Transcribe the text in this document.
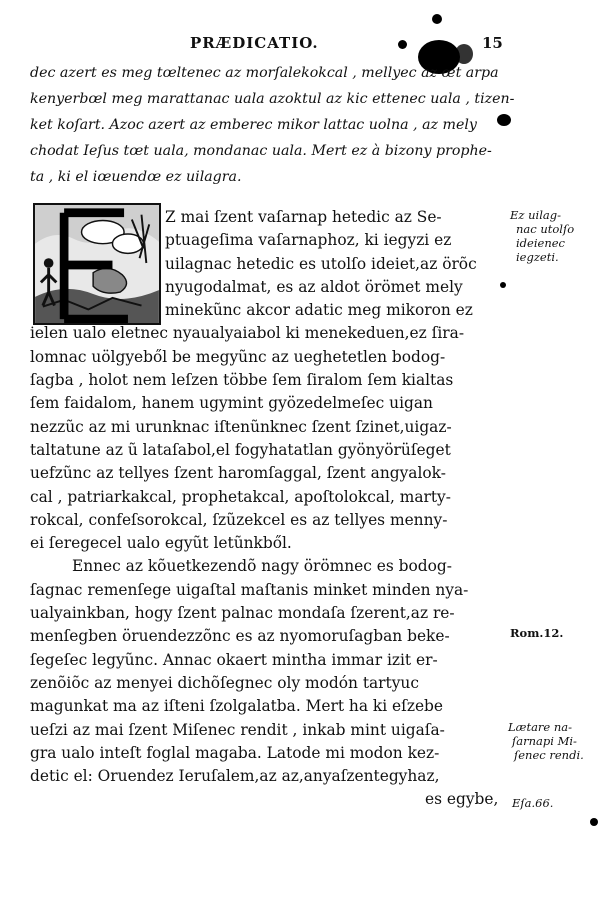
PRÆDICATIO.	15
dec azert es meg tœltenec az morſalekokcal , mellyec az œt arpa
kenyerbœl meg marattanac uala azoktul az kic ettenec uala , tizen-
ket koſart. Azoc azert az emberec mikor lattac uolna , az mely
chodat Ieſus tœt uala, mondanac uala. Mert ez à bizony prophe-
ta , ki el iœuendœ ez uilagra.
Z mai ſzent vaſarnap hetedic az Se-
ptuageſima vaſarnaphoz, ki iegyzi ez
uilagnac hetedic es utolſo ideiet,az örõc
nyugodalmat, es az aldot örömet mely
minekũnc akcor adatic meg mikoron ez
ielen ualo eletnec nyaualyaiabol ki menekeduen,ez ſira-
lomnac uölgyeből be megyũnc az ueghetetlen bodog-
ſagba , holot nem leſzen többe ſem ſiralom ſem kialtas
ſem faidalom, hanem ugymint gyözedelmeſec uigan
nezzũc az mi urunknac iſtenũnknec ſzent ſzinet,uigaz-
taltatune az ũ lataſabol,el fogyhatatlan gyönyörüſeget
uefzũnc az tellyes ſzent haromſaggal, ſzent angyalok-
cal , patriarkakcal, prophetakcal, apoſtolokcal, marty-
rokcal, confeſsorokcal, ſzũzekcel es az tellyes menny-
ei ſeregecel ualo egyũt letũnkből.
Ennec az kõuetkezendõ nagy örömnec es bodog-
ſagnac remenſege uigaſtal maſtanis minket minden nya-
ualyainkban, hogy ſzent palnac mondaſa ſzerent,az re-
menſegben öruendezzõnc es az nyomoruſagban beke-
ſegeſec legyũnc. Annac okaert mintha immar izit er-
zenõiõc az menyei dichõſegnec oly modón tartyuc
magunkat ma az iſteni ſzolgalatba. Mert ha ki eſzebe
ueſzi az mai ſzent Miſenec rendit , inkab mint uigaſa-
gra ualo inteſt foglal magaba. Latode mi modon kez-
detic el: Oruendez Ieruſalem,az az,anyaſzentegyhaz,
es egybe,
Ez uilag-
nac utolſo
ideienec
iegzeti.
Rom.12.
Lætare na-
ſarnapi Mi-
ſenec rendi.
Eſa.66.
